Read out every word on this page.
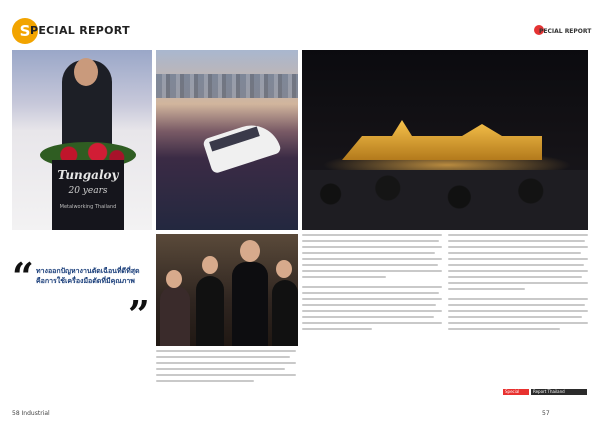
S PECIAL REPORT	PECIAL REPORT
Tungaloy
20 years
Metalworking Thailand
“ ทางออกปัญหางานตัดเฉือนที่ดีที่สุดคือการใช้เครื่องมือตัดที่มีคุณภาพ
”
Special	Report Thailand
58 Industrial	57
